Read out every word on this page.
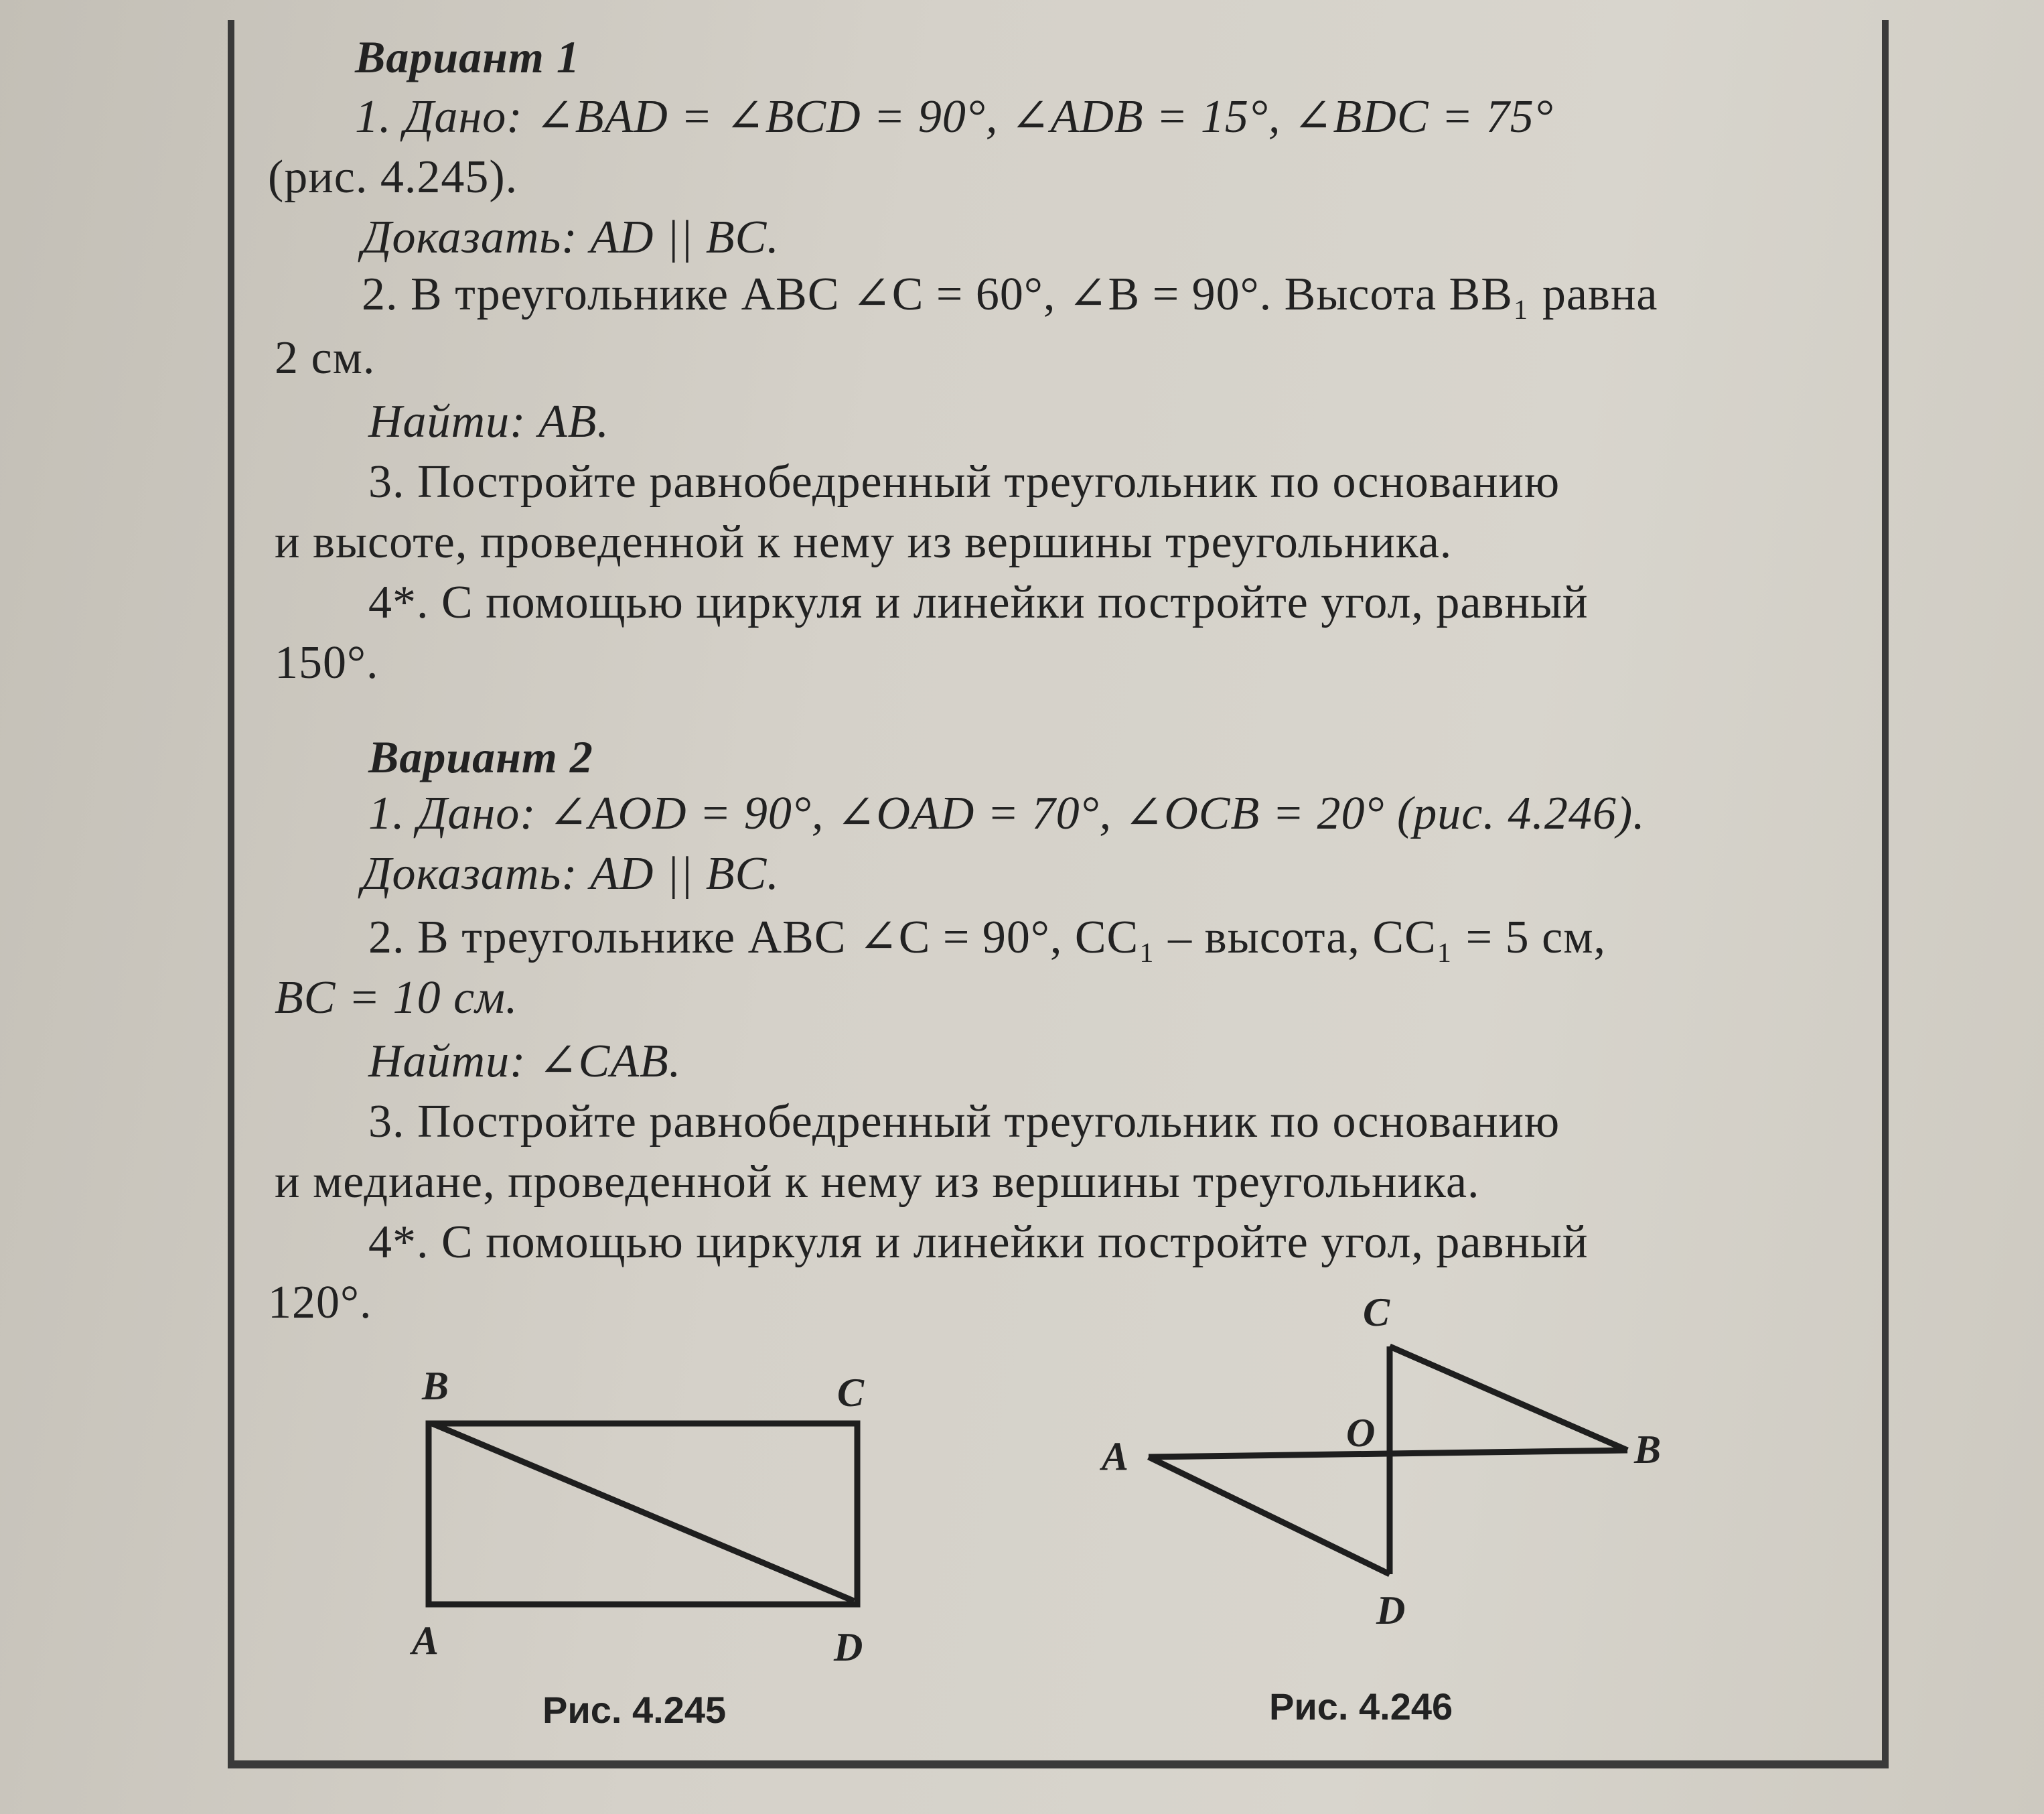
Вариант 1
1. Дано: ∠BAD = ∠BCD = 90°, ∠ADB = 15°, ∠BDC = 75°
(рис. 4.245).
Доказать: AD || BC.
2. В треугольнике ABC ∠C = 60°, ∠B = 90°. Высота BB₁ равна
2 см.
Найти: AB.
3. Постройте равнобедренный треугольник по основанию
и высоте, проведенной к нему из вершины треугольника.
4*. С помощью циркуля и линейки постройте угол, равный
150°.
Вариант 2
1. Дано: ∠AOD = 90°, ∠OAD = 70°, ∠OCB = 20° (рис. 4.246).
Доказать: AD || BC.
2. В треугольнике ABC ∠C = 90°, CC₁ – высота, CC₁ = 5 см,
BC = 10 см.
Найти: ∠CAB.
3. Постройте равнобедренный треугольник по основанию
и медиане, проведенной к нему из вершины треугольника.
4*. С помощью циркуля и линейки постройте угол, равный
120°.
B	C
A	D
Рис. 4.245
C
O
A	B
D
Рис. 4.246
